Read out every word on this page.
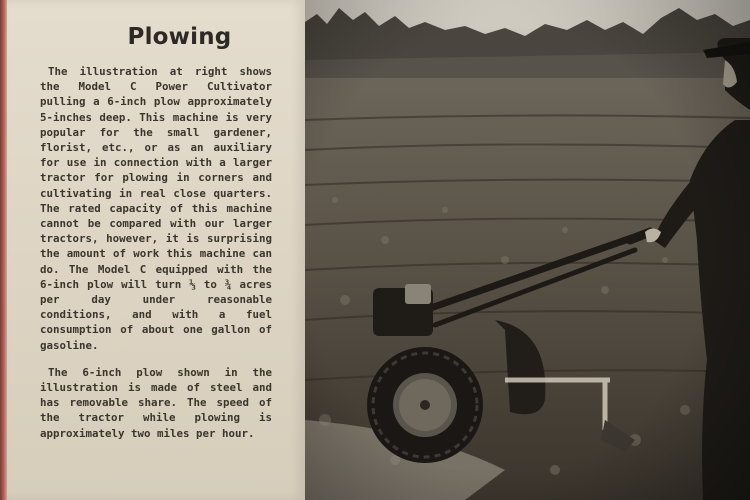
Plowing

The illustration at right shows the Model C Power Cultivator pulling a 6-inch plow approximately 5-inches deep. This machine is very popular for the small gardener, florist, etc., or as an auxiliary for use in connection with a larger tractor for plowing in corners and cultivating in real close quarters. The rated capacity of this machine cannot be compared with our larger tractors, however, it is surprising the amount of work this machine can do. The Model C equipped with the 6-inch plow will turn ⅓ to ¾ acres per day under reasonable conditions, and with a fuel consumption of about one gallon of gasoline.

The 6-inch plow shown in the illustration is made of steel and has removable share. The speed of the tractor while plowing is approximately two miles per hour.
